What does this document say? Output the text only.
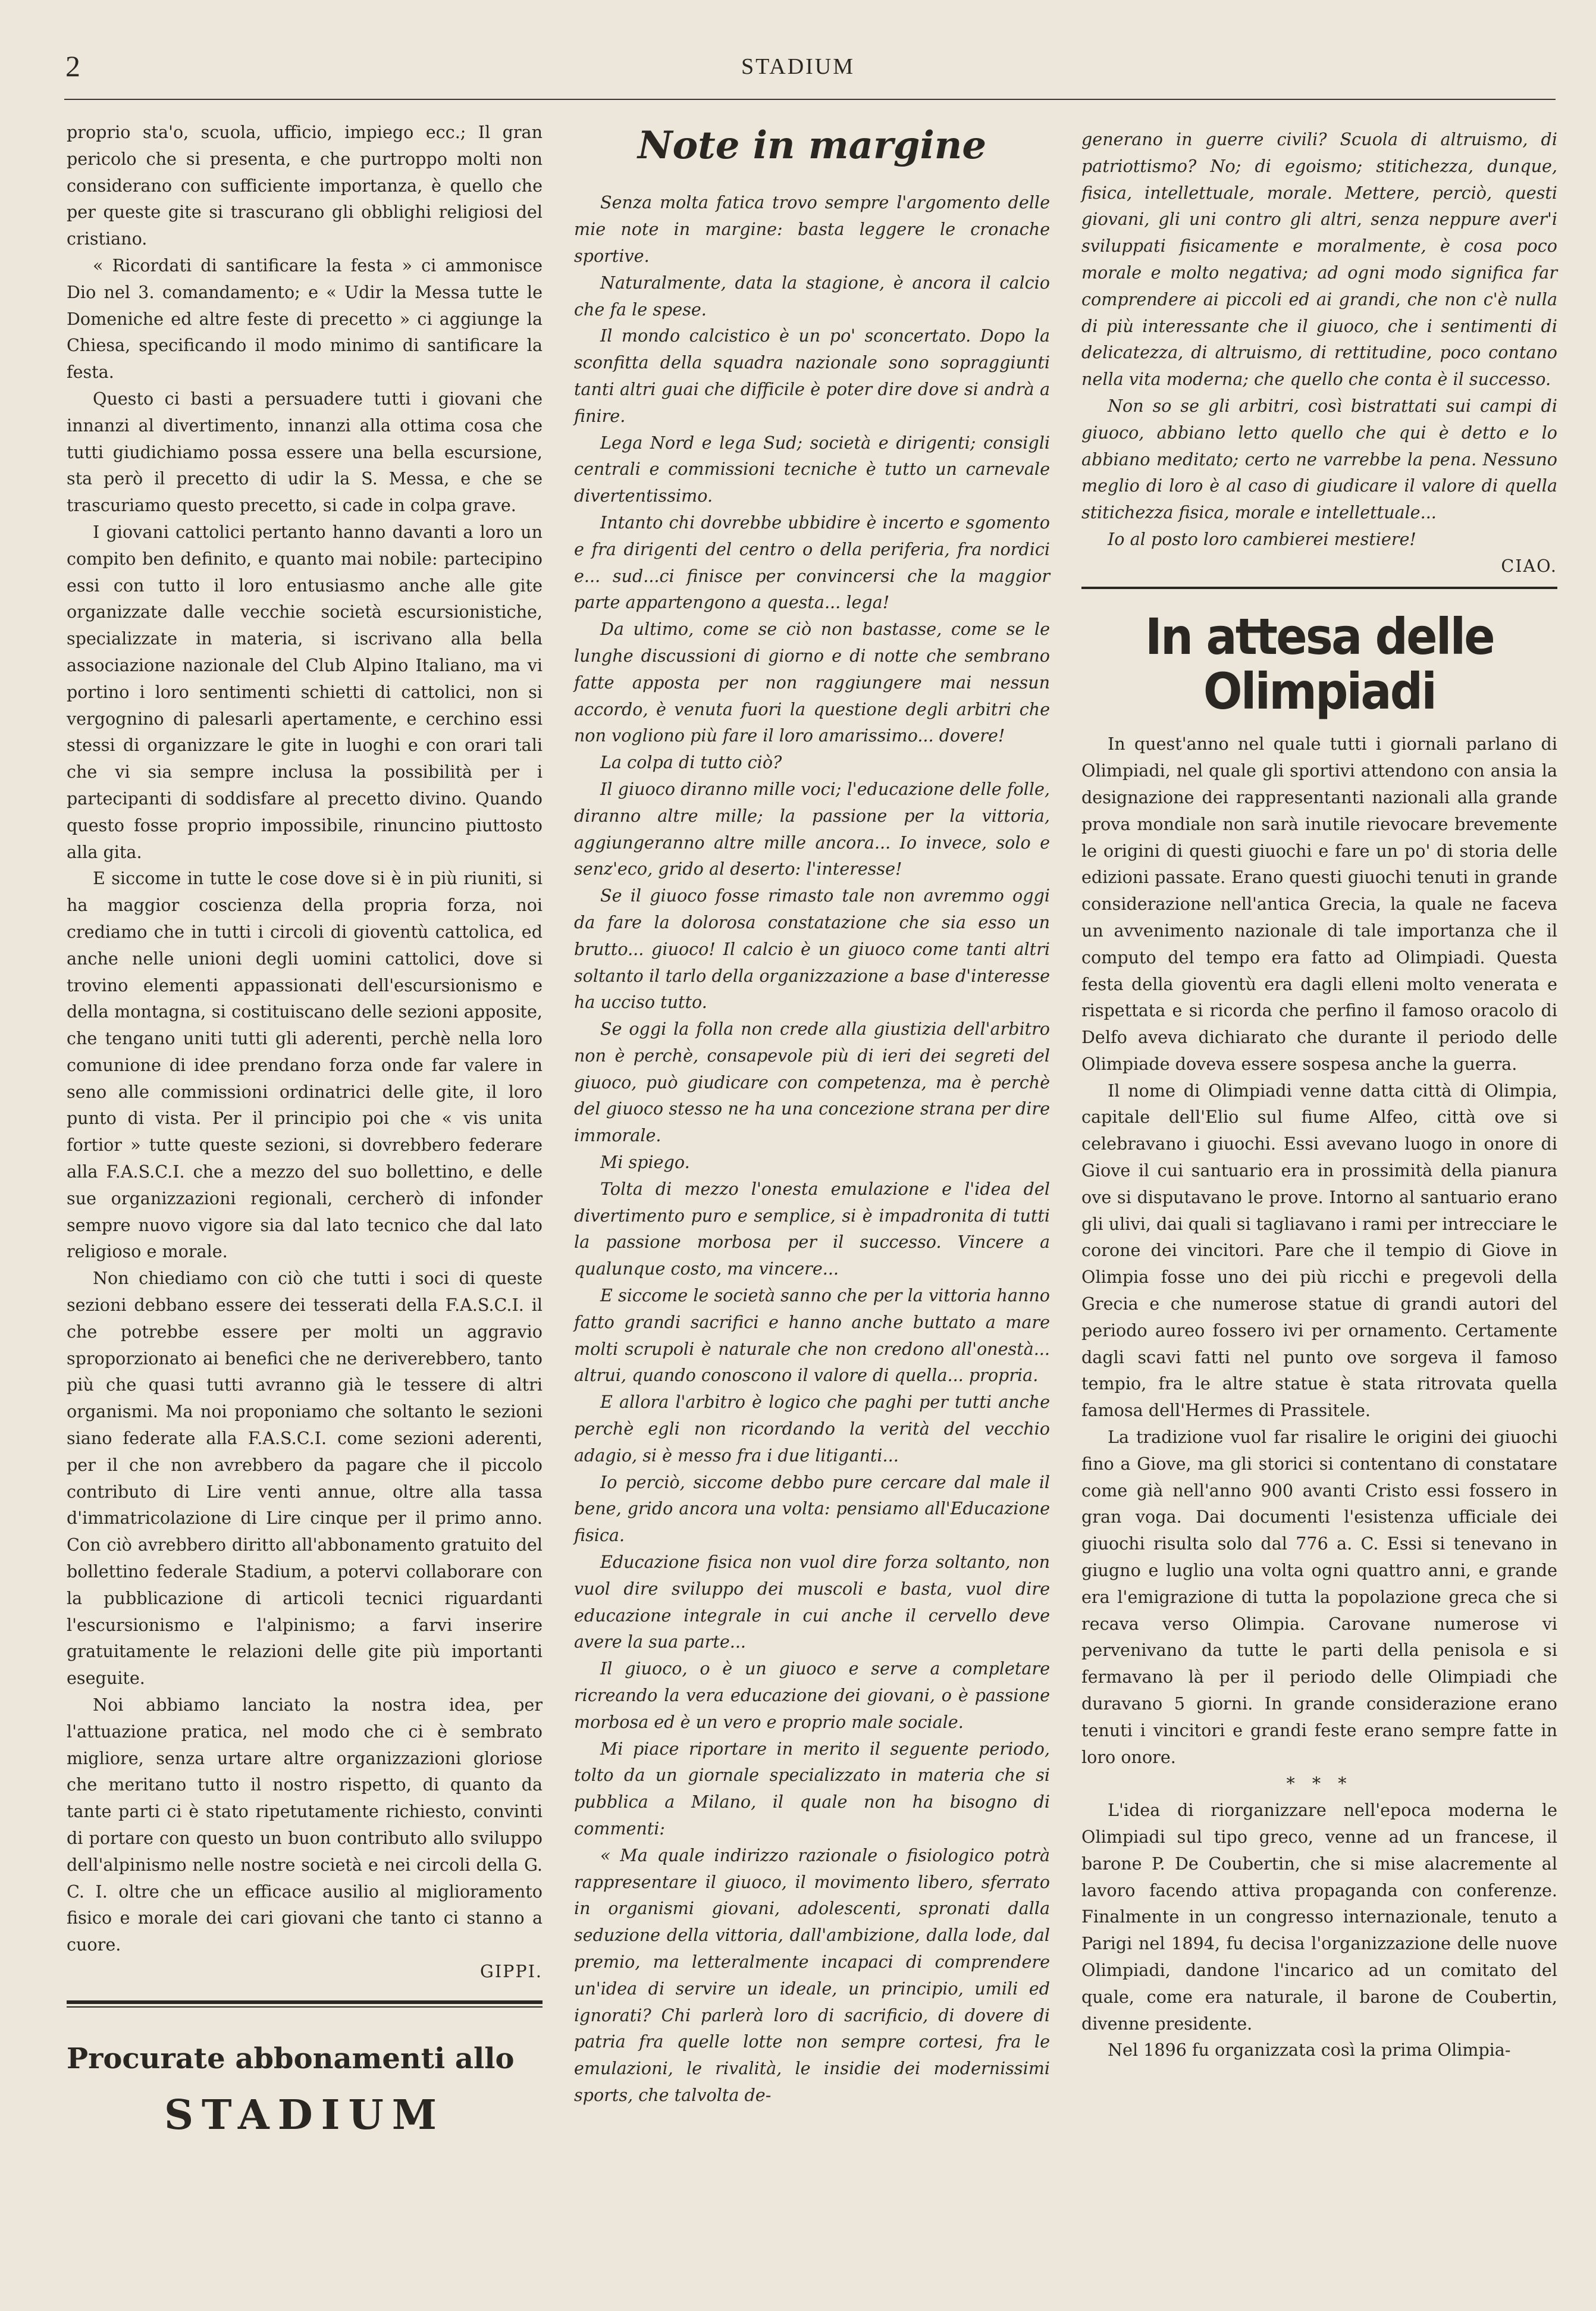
2	STADIUM

proprio sta'o, scuola, ufficio, impiego ecc.; Il gran pericolo che si presenta, e che purtroppo molti non considerano con sufficiente importanza, è quello che per queste gite si trascurano gli obblighi religiosi del cristiano.

« Ricordati di santificare la festa » ci ammonisce Dio nel 3. comandamento; e « Udir la Messa tutte le Domeniche ed altre feste di precetto » ci aggiunge la Chiesa, specificando il modo minimo di santificare la festa.

Questo ci basti a persuadere tutti i giovani che innanzi al divertimento, innanzi alla ottima cosa che tutti giudichiamo possa essere una bella escursione, sta però il precetto di udir la S. Messa, e che se trascuriamo questo precetto, si cade in colpa grave.

I giovani cattolici pertanto hanno davanti a loro un compito ben definito, e quanto mai nobile: partecipino essi con tutto il loro entusiasmo anche alle gite organizzate dalle vecchie società escursionistiche, specializzate in materia, si iscrivano alla bella associazione nazionale del Club Alpino Italiano, ma vi portino i loro sentimenti schietti di cattolici, non si vergognino di palesarli apertamente, e cerchino essi stessi di organizzare le gite in luoghi e con orari tali che vi sia sempre inclusa la possibilità per i partecipanti di soddisfare al precetto divino. Quando questo fosse proprio impossibile, rinuncino piuttosto alla gita.

E siccome in tutte le cose dove si è in più riuniti, si ha maggior coscienza della propria forza, noi crediamo che in tutti i circoli di gioventù cattolica, ed anche nelle unioni degli uomini cattolici, dove si trovino elementi appassionati dell'escursionismo e della montagna, si costituiscano delle sezioni apposite, che tengano uniti tutti gli aderenti, perchè nella loro comunione di idee prendano forza onde far valere in seno alle commissioni ordinatrici delle gite, il loro punto di vista. Per il principio poi che « vis unita fortior » tutte queste sezioni, si dovrebbero federare alla F.A.S.C.I. che a mezzo del suo bollettino, e delle sue organizzazioni regionali, cercherò di infonder sempre nuovo vigore sia dal lato tecnico che dal lato religioso e morale.

Non chiediamo con ciò che tutti i soci di queste sezioni debbano essere dei tesserati della F.A.S.C.I. il che potrebbe essere per molti un aggravio sproporzionato ai benefici che ne deriverebbero, tanto più che quasi tutti avranno già le tessere di altri organismi. Ma noi proponiamo che soltanto le sezioni siano federate alla F.A.S.C.I. come sezioni aderenti, per il che non avrebbero da pagare che il piccolo contributo di Lire venti annue, oltre alla tassa d'immatricolazione di Lire cinque per il primo anno. Con ciò avrebbero diritto all'abbonamento gratuito del bollettino federale Stadium, a potervi collaborare con la pubblicazione di articoli tecnici riguardanti l'escursionismo e l'alpinismo; a farvi inserire gratuitamente le relazioni delle gite più importanti eseguite.

Noi abbiamo lanciato la nostra idea, per l'attuazione pratica, nel modo che ci è sembrato migliore, senza urtare altre organizzazioni gloriose che meritano tutto il nostro rispetto, di quanto da tante parti ci è stato ripetutamente richiesto, convinti di portare con questo un buon contributo allo sviluppo dell'alpinismo nelle nostre società e nei circoli della G. C. I. oltre che un efficace ausilio al miglioramento fisico e morale dei cari giovani che tanto ci stanno a cuore.

GIPPI.

Procurate abbonamenti allo
STADIUM
Note in margine

Senza molta fatica trovo sempre l'argomento delle mie note in margine: basta leggere le cronache sportive.

Naturalmente, data la stagione, è ancora il calcio che fa le spese.

Il mondo calcistico è un po' sconcertato. Dopo la sconfitta della squadra nazionale sono sopraggiunti tanti altri guai che difficile è poter dire dove si andrà a finire.

Lega Nord e lega Sud; società e dirigenti; consigli centrali e commissioni tecniche è tutto un carnevale divertentissimo.

Intanto chi dovrebbe ubbidire è incerto e sgomento e fra dirigenti del centro o della periferia, fra nordici e... sud...ci finisce per convincersi che la maggior parte appartengono a questa... lega!

Da ultimo, come se ciò non bastasse, come se le lunghe discussioni di giorno e di notte che sembrano fatte apposta per non raggiungere mai nessun accordo, è venuta fuori la questione degli arbitri che non vogliono più fare il loro amarissimo... dovere!

La colpa di tutto ciò?

Il giuoco diranno mille voci; l'educazione delle folle, diranno altre mille; la passione per la vittoria, aggiungeranno altre mille ancora... Io invece, solo e senz'eco, grido al deserto: l'interesse!

Se il giuoco fosse rimasto tale non avremmo oggi da fare la dolorosa constatazione che sia esso un brutto... giuoco! Il calcio è un giuoco come tanti altri soltanto il tarlo della organizzazione a base d'interesse ha ucciso tutto.

Se oggi la folla non crede alla giustizia dell'arbitro non è perchè, consapevole più di ieri dei segreti del giuoco, può giudicare con competenza, ma è perchè del giuoco stesso ne ha una concezione strana per dire immorale.

Mi spiego.

Tolta di mezzo l'onesta emulazione e l'idea del divertimento puro e semplice, si è impadronita di tutti la passione morbosa per il successo. Vincere a qualunque costo, ma vincere...

E siccome le società sanno che per la vittoria hanno fatto grandi sacrifici e hanno anche buttato a mare molti scrupoli è naturale che non credono all'onestà... altrui, quando conoscono il valore di quella... propria.

E allora l'arbitro è logico che paghi per tutti anche perchè egli non ricordando la verità del vecchio adagio, si è messo fra i due litiganti...

Io perciò, siccome debbo pure cercare dal male il bene, grido ancora una volta: pensiamo all'Educazione fisica.

Educazione fisica non vuol dire forza soltanto, non vuol dire sviluppo dei muscoli e basta, vuol dire educazione integrale in cui anche il cervello deve avere la sua parte...

Il giuoco, o è un giuoco e serve a completare ricreando la vera educazione dei giovani, o è passione morbosa ed è un vero e proprio male sociale.

Mi piace riportare in merito il seguente periodo, tolto da un giornale specializzato in materia che si pubblica a Milano, il quale non ha bisogno di commenti:

« Ma quale indirizzo razionale o fisiologico potrà rappresentare il giuoco, il movimento libero, sferrato in organismi giovani, adolescenti, spronati dalla seduzione della vittoria, dall'ambizione, dalla lode, dal premio, ma letteralmente incapaci di comprendere un'idea di servire un ideale, un principio, umili ed ignorati? Chi parlerà loro di sacrificio, di dovere di patria fra quelle lotte non sempre cortesi, fra le emulazioni, le rivalità, le insidie dei modernissimi sports, che talvolta de-

generano in guerre civili? Scuola di altruismo, di patriottismo? No; di egoismo; stitichezza, dunque, fisica, intellettuale, morale. Mettere, perciò, questi giovani, gli uni contro gli altri, senza neppure aver'i sviluppati fisicamente e moralmente, è cosa poco morale e molto negativa; ad ogni modo significa far comprendere ai piccoli ed ai grandi, che non c'è nulla di più interessante che il giuoco, che i sentimenti di delicatezza, di altruismo, di rettitudine, poco contano nella vita moderna; che quello che conta è il successo.

Non so se gli arbitri, così bistrattati sui campi di giuoco, abbiano letto quello che qui è detto e lo abbiano meditato; certo ne varrebbe la pena. Nessuno meglio di loro è al caso di giudicare il valore di quella stitichezza fisica, morale e intellettuale...

Io al posto loro cambierei mestiere!

CIAO.

In attesa delle Olimpiadi

In quest'anno nel quale tutti i giornali parlano di Olimpiadi, nel quale gli sportivi attendono con ansia la designazione dei rappresentanti nazionali alla grande prova mondiale non sarà inutile rievocare brevemente le origini di questi giuochi e fare un po' di storia delle edizioni passate. Erano questi giuochi tenuti in grande considerazione nell'antica Grecia, la quale ne faceva un avvenimento nazionale di tale importanza che il computo del tempo era fatto ad Olimpiadi. Questa festa della gioventù era dagli elleni molto venerata e rispettata e si ricorda che perfino il famoso oracolo di Delfo aveva dichiarato che durante il periodo delle Olimpiade doveva essere sospesa anche la guerra.

Il nome di Olimpiadi venne datta città di Olimpia, capitale dell'Elio sul fiume Alfeo, città ove si celebravano i giuochi. Essi avevano luogo in onore di Giove il cui santuario era in prossimità della pianura ove si disputavano le prove. Intorno al santuario erano gli ulivi, dai quali si tagliavano i rami per intrecciare le corone dei vincitori. Pare che il tempio di Giove in Olimpia fosse uno dei più ricchi e pregevoli della Grecia e che numerose statue di grandi autori del periodo aureo fossero ivi per ornamento. Certamente dagli scavi fatti nel punto ove sorgeva il famoso tempio, fra le altre statue è stata ritrovata quella famosa dell'Hermes di Prassitele.

La tradizione vuol far risalire le origini dei giuochi fino a Giove, ma gli storici si contentano di constatare come già nell'anno 900 avanti Cristo essi fossero in gran voga. Dai documenti l'esistenza ufficiale dei giuochi risulta solo dal 776 a. C. Essi si tenevano in giugno e luglio una volta ogni quattro anni, e grande era l'emigrazione di tutta la popolazione greca che si recava verso Olimpia. Carovane numerose vi pervenivano da tutte le parti della penisola e si fermavano là per il periodo delle Olimpiadi che duravano 5 giorni. In grande considerazione erano tenuti i vincitori e grandi feste erano sempre fatte in loro onore.

* * *

L'idea di riorganizzare nell'epoca moderna le Olimpiadi sul tipo greco, venne ad un francese, il barone P. De Coubertin, che si mise alacremente al lavoro facendo attiva propaganda con conferenze. Finalmente in un congresso internazionale, tenuto a Parigi nel 1894, fu decisa l'organizzazione delle nuove Olimpiadi, dandone l'incarico ad un comitato del quale, come era naturale, il barone de Coubertin, divenne presidente.

Nel 1896 fu organizzata così la prima Olimpia-
